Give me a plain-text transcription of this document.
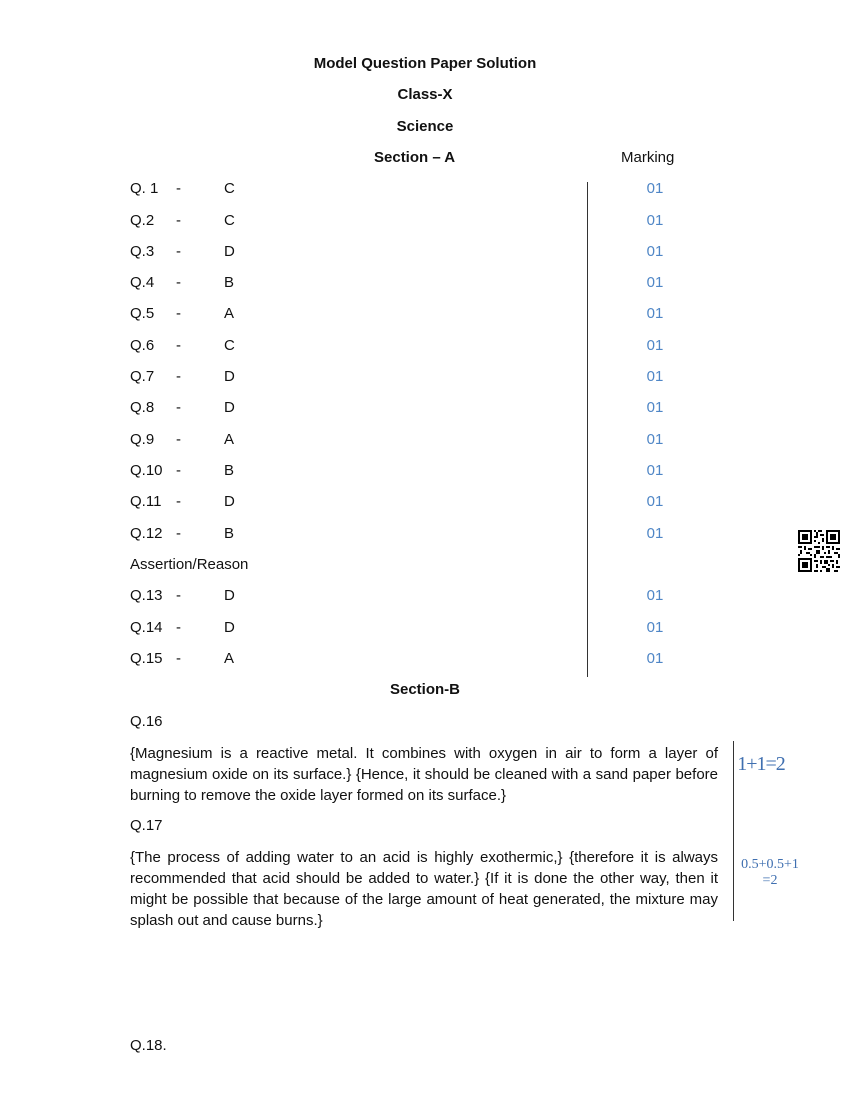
Model Question Paper Solution
Class-X
Science
Section – A	Marking
Q. 1 -	C	01
Q.2 -	C	01
Q.3 -	D	01
Q.4 -	B	01
Q.5 -	A	01
Q.6 -	C	01
Q.7 -	D	01
Q.8 -	D	01
Q.9 -	A	01
Q.10 -	B	01
Q.11 -	D	01
Q.12 -	B	01
Assertion/Reason
Q.13 -	D	01
Q.14 -	D	01
Q.15 -	A	01
Section-B
Q.16
{Magnesium is a reactive metal. It combines with oxygen in air to form a layer of magnesium oxide on its surface.} {Hence, it should be cleaned with a sand paper before burning to remove the oxide layer formed on its surface.}
Q.17
{The process of adding water to an acid is highly exothermic,} {therefore it is always recommended that acid should be added to water.} {If it is done the other way, then it might be possible that because of the large amount of heat generated, the mixture may splash out and cause burns.}
1+1=2
0.5+0.5+1
=2
Q.18.
